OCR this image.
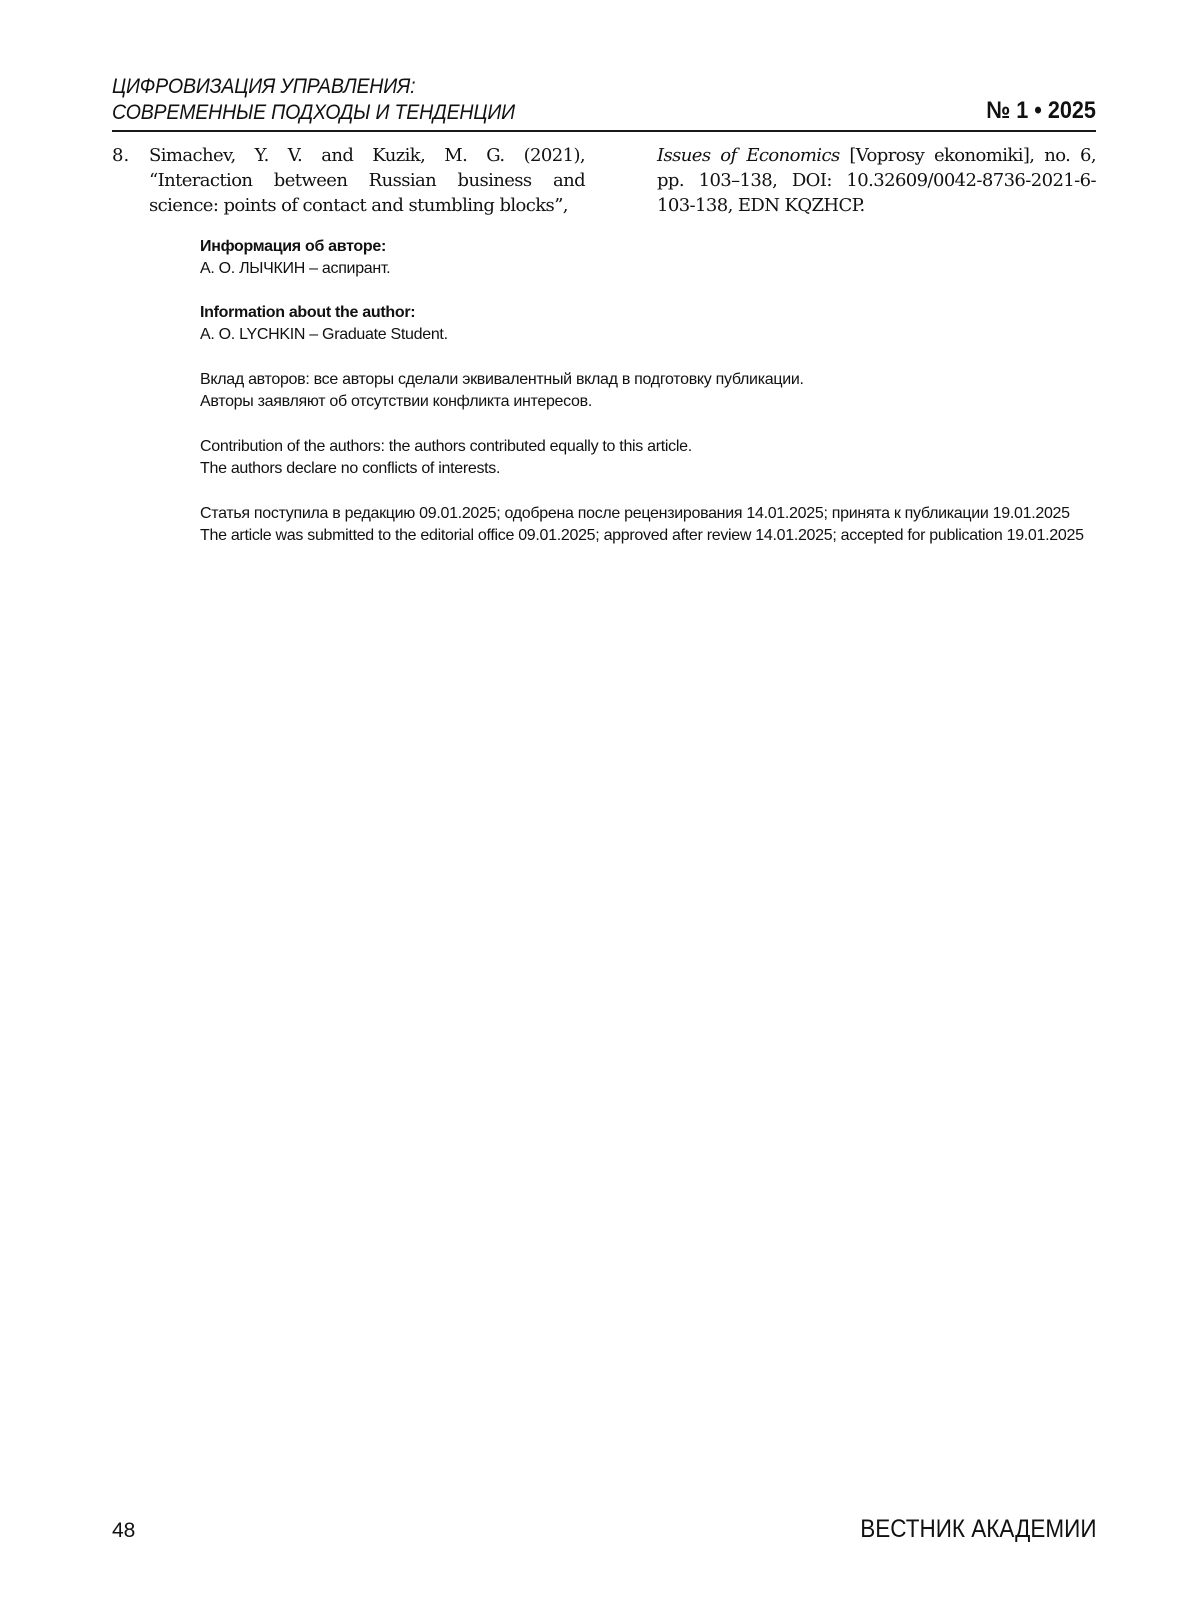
ЦИФРОВИЗАЦИЯ УПРАВЛЕНИЯ:
СОВРЕМЕННЫЕ ПОДХОДЫ И ТЕНДЕНЦИИ	№ 1 • 2025
8. Simachev, Y. V. and Kuzik, M. G. (2021), “Interaction between Russian business and science: points of contact and stumbling blocks”,
Issues of Economics [Voprosy ekonomiki], no. 6, pp. 103–138, DOI: 10.32609/0042-8736-2021-6-103-138, EDN KQZHCP.

Информация об авторе:

А. О. ЛЫЧКИН – аспирант.

Information about the author:

A. O. LYCHKIN – Graduate Student.

Вклад авторов: все авторы сделали эквивалентный вклад в подготовку публикации.

Авторы заявляют об отсутствии конфликта интересов.

Contribution of the authors: the authors contributed equally to this article.

The authors declare no conflicts of interests.

Статья поступила в редакцию 09.01.2025; одобрена после рецензирования 14.01.2025; принята к публикации 19.01.2025

The article was submitted to the editorial office 09.01.2025; approved after review 14.01.2025; accepted for publication 19.01.2025

48	ВЕСТНИК АКАДЕМИИ
